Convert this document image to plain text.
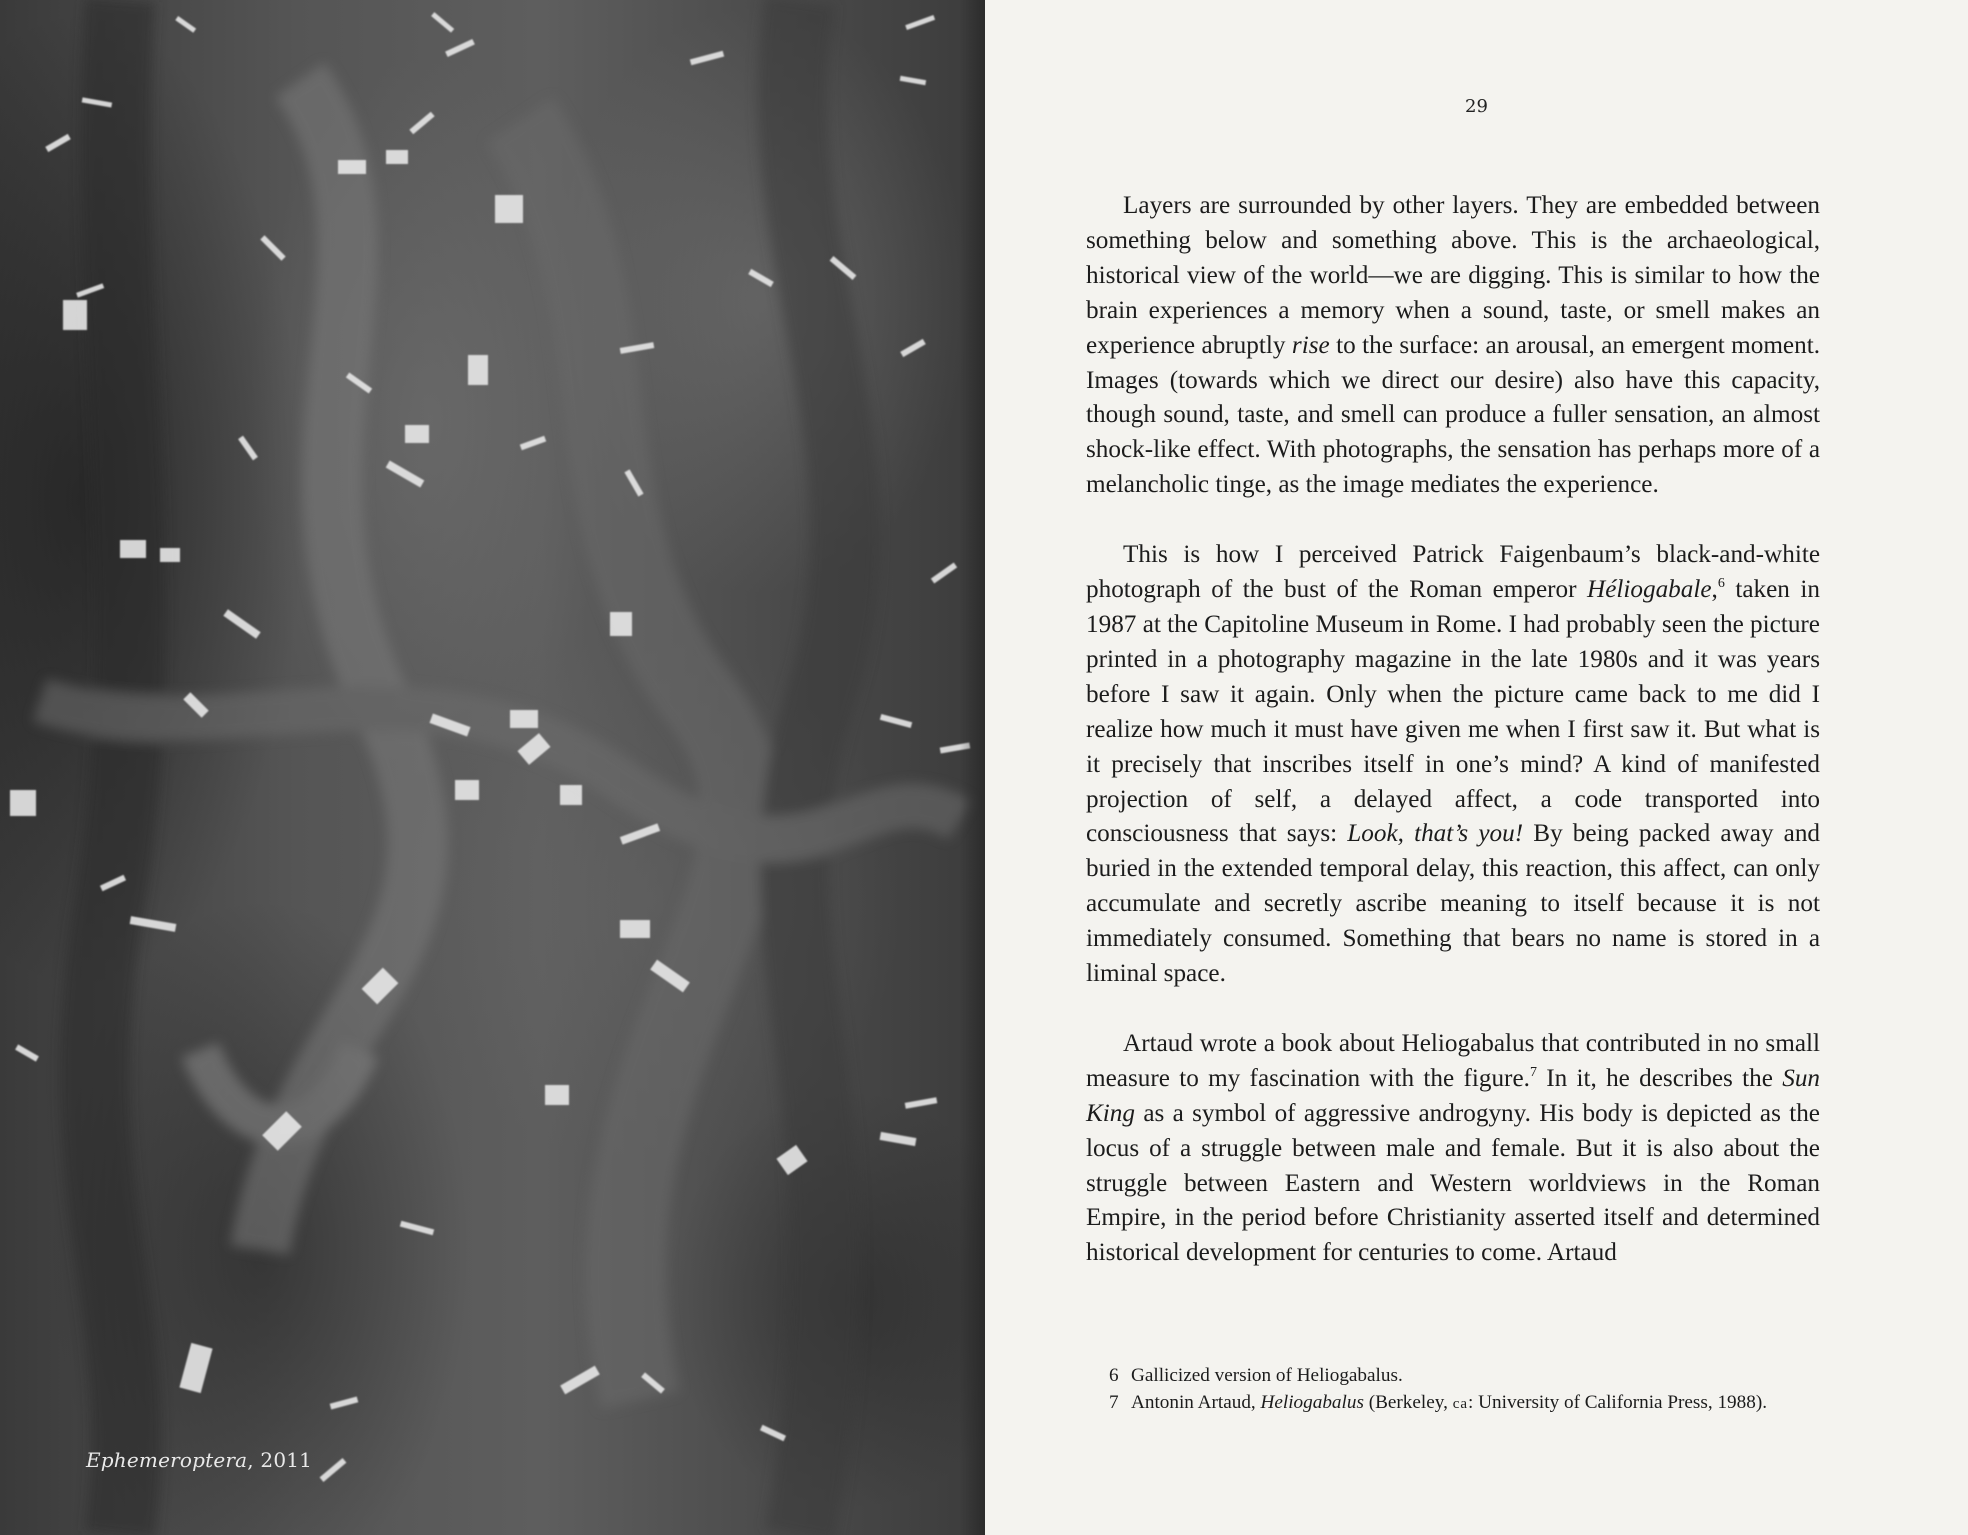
Ephemeroptera, 2011
29

Layers are surrounded by other layers. They are embedded between something below and something above. This is the archaeological, historical view of the world—we are digging. This is similar to how the brain experiences a memory when a sound, taste, or smell makes an experience abruptly rise to the surface: an arousal, an emergent moment. Images (towards which we direct our desire) also have this capacity, though sound, taste, and smell can produce a fuller sensation, an almost shock-like effect. With photographs, the sensation has perhaps more of a melancholic tinge, as the image mediates the experience.

This is how I perceived Patrick Faigenbaum’s black-and-white photograph of the bust of the Roman emperor Héliogabale,$^6$ taken in 1987 at the Capitoline Museum in Rome. I had probably seen the picture printed in a photography magazine in the late 1980s and it was years before I saw it again. Only when the picture came back to me did I realize how much it must have given me when I first saw it. But what is it precisely that inscribes itself in one’s mind? A kind of manifested projection of self, a delayed affect, a code transported into consciousness that says: Look, that’s you! By being packed away and buried in the extended temporal delay, this reaction, this affect, can only accumulate and secretly ascribe meaning to itself because it is not immediately consumed. Something that bears no name is stored in a liminal space.

Artaud wrote a book about Heliogabalus that contributed in no small measure to my fascination with the figure.$^7$ In it, he describes the Sun King as a symbol of aggressive androgyny. His body is depicted as the locus of a struggle between male and female. But it is also about the struggle between Eastern and Western worldviews in the Roman Empire, in the period before Christianity asserted itself and determined historical development for centuries to come. Artaud

6 Gallicized version of Heliogabalus.
7 Antonin Artaud, Heliogabalus (Berkeley, ca: University of California Press, 1988).
